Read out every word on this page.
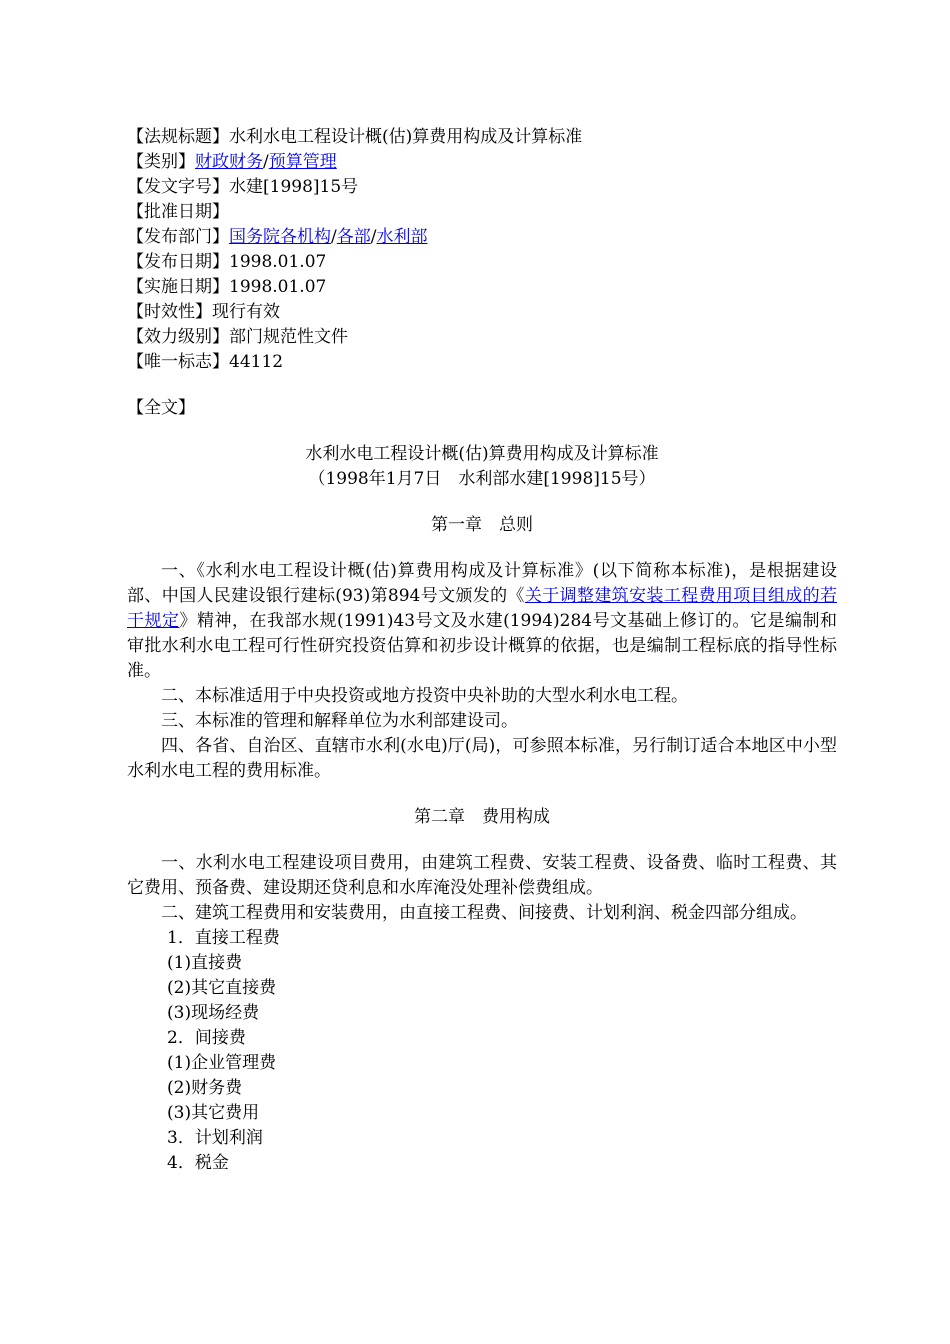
【法规标题】水利水电工程设计概(估)算费用构成及计算标准
【类别】财政财务/预算管理
【发文字号】水建[1998]15号
【批准日期】
【发布部门】国务院各机构/各部/水利部
【发布日期】1998.01.07
【实施日期】1998.01.07
【时效性】现行有效
【效力级别】部门规范性文件
【唯一标志】44112
【全文】
水利水电工程设计概(估)算费用构成及计算标准
（1998年1月7日　水利部水建[1998]15号）
第一章　总则
一、《水利水电工程设计概(估)算费用构成及计算标准》(以下简称本标准)，是根据建设部、中国人民建设银行建标(93)第894号文颁发的《关于调整建筑安装工程费用项目组成的若干规定》精神，在我部水规(1991)43号文及水建(1994)284号文基础上修订的。它是编制和审批水利水电工程可行性研究投资估算和初步设计概算的依据，也是编制工程标底的指导性标准。
二、本标准适用于中央投资或地方投资中央补助的大型水利水电工程。
三、本标准的管理和解释单位为水利部建设司。
四、各省、自治区、直辖市水利(水电)厅(局)，可参照本标准，另行制订适合本地区中小型水利水电工程的费用标准。
第二章　费用构成
一、水利水电工程建设项目费用，由建筑工程费、安装工程费、设备费、临时工程费、其它费用、预备费、建设期还贷利息和水库淹没处理补偿费组成。
二、建筑工程费用和安装费用，由直接工程费、间接费、计划利润、税金四部分组成。
1．直接工程费
(1)直接费
(2)其它直接费
(3)现场经费
2．间接费
(1)企业管理费
(2)财务费
(3)其它费用
3．计划利润
4．税金
